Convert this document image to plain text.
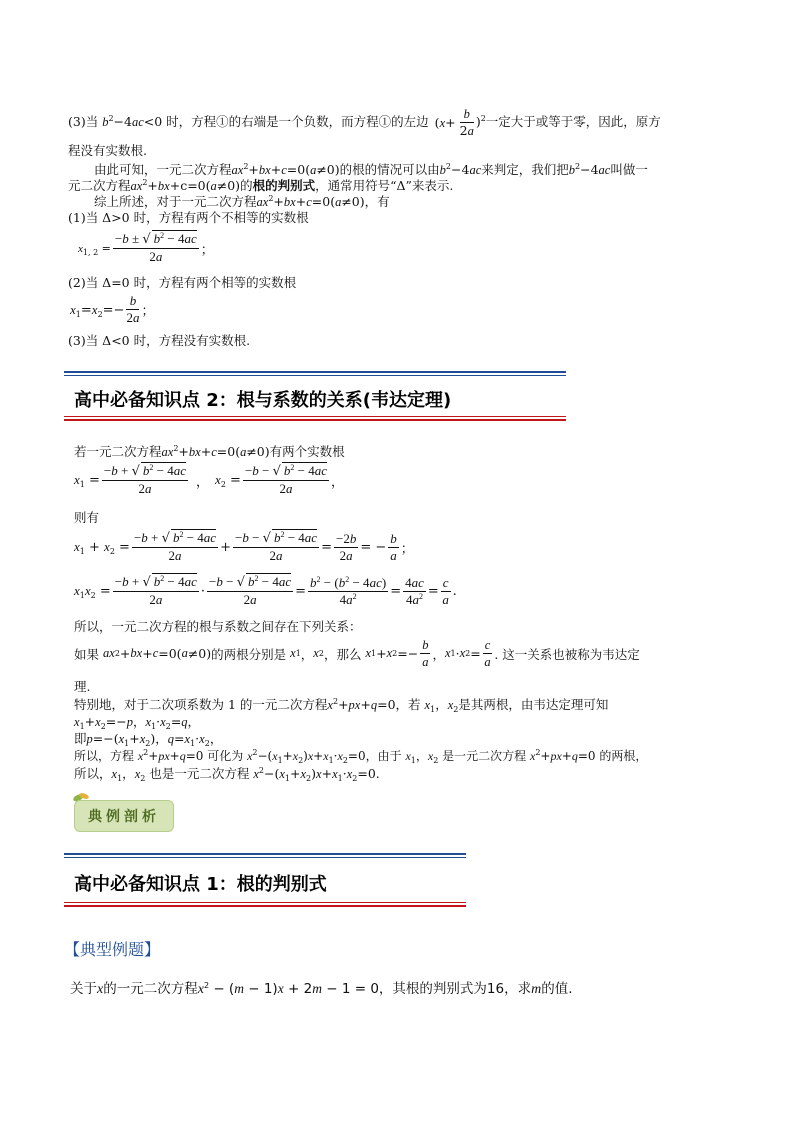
(3)当 $b^2-4ac<0$ 时，方程①的右端是一个负数，而方程①的左边 $(x+ \frac{b}{2a} )^2$一定大于或等于零，因此，原方
程没有实数根.
由此可知，一元二次方程$ax^2+bx+c=0(a\ne 0)$的根的情况可以由$b^2-4ac$来判定，我们把$b^2-4ac$叫做一
元二次方程$ax^2+bx+c=0(a\ne 0)$的根的判别式，通常用符号“Δ”来表示.
综上所述，对于一元二次方程$ax^2+bx+c=0(a\ne 0)$，有
(1)当 Δ>0 时，方程有两个不相等的实数根
$x_{1, 2} = \frac{-b \pm √ b^2 - 4ac}{2a}$ ；
(2)当 Δ=0 时，方程有两个相等的实数根
$x_1=x_2=- \frac{b}{2a}$ ；
(3)当 Δ<0 时，方程没有实数根.
高中必备知识点 2：根与系数的关系(韦达定理)
若一元二次方程$ax^2+bx+c=0(a\ne 0)$有两个实数根
$x_1 = \frac{-b + √ b^2 - 4ac}{2a}$ ， $x_2 = \frac{-b - √ b^2 - 4ac}{2a}$ ，
则有
$x_1 + x_2 = \frac{-b + √ b^2 - 4ac}{2a} + \frac{-b - √ b^2 - 4ac}{2a} = \frac{-2b}{2a}$ = − $\frac{b}{a}$ ；
$x_1x_2 = \frac{-b + √ b^2 - 4ac}{2a} \cdot \frac{-b - √ b^2 - 4ac}{2a} = \frac{b^2 - (b^2 - 4ac)}{4a^2} = \frac{4ac}{4a^2} = \frac{c}{a}$ .
所以，一元二次方程的根与系数之间存在下列关系：
如果
ax 2 + bx + c =0( a ≠0) 的两根分别是
x 1 ， x 2 ，那么
x 1 + x $2 =- \frac{b}{a}$ ， x 1 · x $2 = \frac{c}{a}$ . 这一关系也被称为韦达定
理.
特别地，对于二次项系数为 1 的一元二次方程$x^2+px+q=0$，若 $x_1$，$x_2$是其两根，由韦达定理可知
$x_1+x_2=-p$，$x_1\cdot x_2=q$，
即$p=-(x_1+x_2)$，$q=x_1\cdot x_2$，
所以，方程 $x^2+px+q=0$ 可化为 $x^2-(x_1+x_2)x+x_1\cdot x_2=0$，由于 $x_1$，$x_2$ 是一元二次方程 $x^2+px+q=0$ 的两根，
所以，$x_1$，$x_2$ 也是一元二次方程 $x^2-(x_1+x_2)x+x_1\cdot x_2=0$.
典例剖析
高中必备知识点 1：根的判别式
【典型例题】
关于x的一元二次方程$x^2 - (m - 1)x + 2m - 1 = 0$，其根的判别式为16，求m的值.
